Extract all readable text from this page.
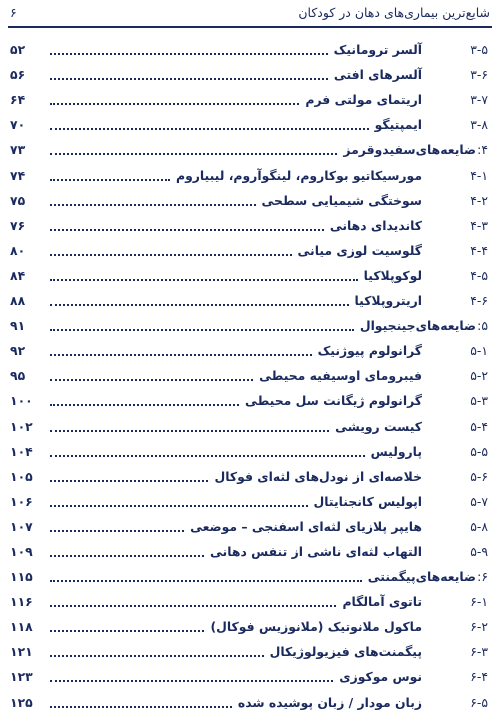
۶	شایع‌ترین بیماری‌های دهان در کودکان
۳-۵
آلسر ترومانیک
۵۲
۳-۶
آلسرهای افتی
۵۶
۳-۷
اریتمای مولتی فرم
۶۴
۳-۸
ایمپتیگو
۷۰
۴:
ضایعه‌های‌سفیدوقرمز
۷۳
۴-۱
مورسیکاتیو بوکاروم، لینگوآروم، لیبیاروم
۷۴
۴-۲
سوختگی شیمیایی سطحی
۷۵
۴-۳
کاندیدای دهانی
۷۶
۴-۴
گلوسیت لوزی میانی
۸۰
۴-۵
لوکوپلاکیا
۸۴
۴-۶
اریتروپلاکیا
۸۸
۵:
ضایعه‌های‌جینجیوال
۹۱
۵-۱
گرانولوم پیوژنیک
۹۲
۵-۲
فیبرومای اوسیفیه محیطی
۹۵
۵-۳
گرانولوم ژیگانت سل محیطی
۱۰۰
۵-۴
کیست رویشی
۱۰۲
۵-۵
پارولیس
۱۰۴
۵-۶
خلاصه‌ای از نودل‌های لثه‌ای فوکال
۱۰۵
۵-۷
اپولیس کانجنایتال
۱۰۶
۵-۸
هایپر پلازیای لثه‌ای اسفنجی – موضعی
۱۰۷
۵-۹
التهاب لثه‌ای ناشی از تنفس دهانی
۱۰۹
۶:
ضایعه‌های‌پیگمنتی
۱۱۵
۶-۱
تاتوی آمالگام
۱۱۶
۶-۲
ماکول ملانوتیک (ملانوزیس فوکال)
۱۱۸
۶-۳
پیگمنت‌های فیزیولوژیکال
۱۲۱
۶-۴
نوس موکوزی
۱۲۳
۶-۵
زبان مودار / زبان پوشیده شده
۱۲۵
